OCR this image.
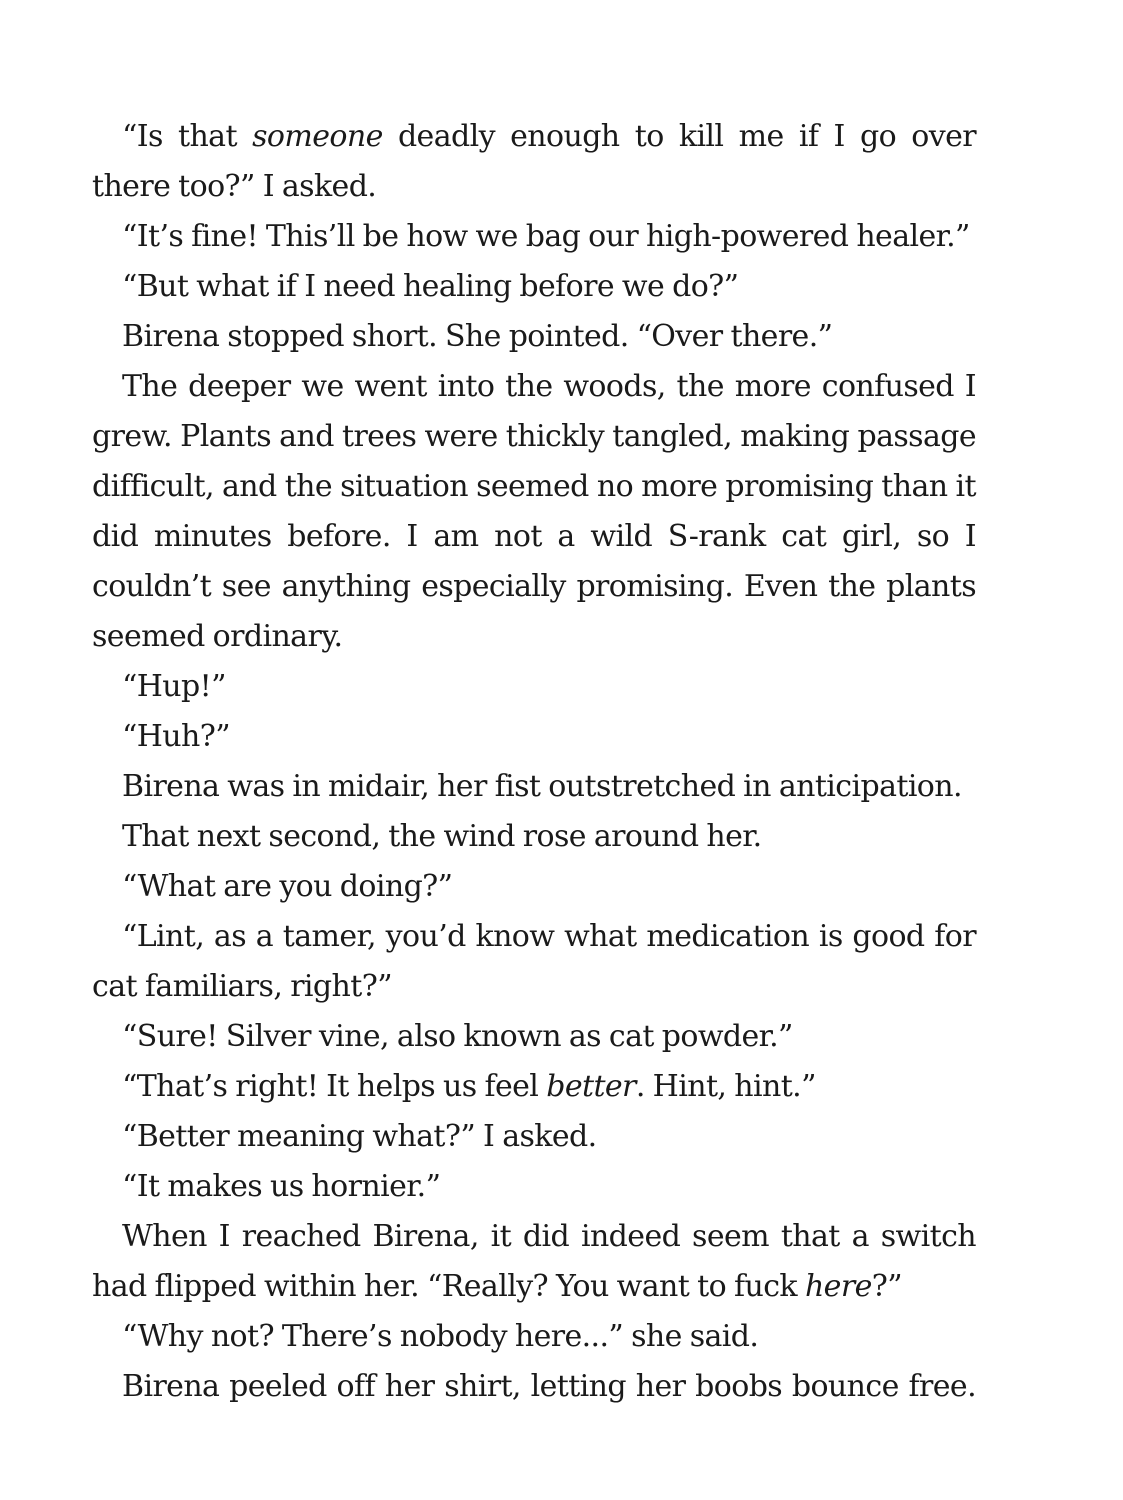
“Is that someone deadly enough to kill me if I go over there too?” I asked.

“It’s fine! This’ll be how we bag our high-powered healer.”

“But what if I need healing before we do?”

Birena stopped short. She pointed. “Over there.”

The deeper we went into the woods, the more confused I grew. Plants and trees were thickly tangled, making passage difficult, and the situation seemed no more promising than it did minutes before. I am not a wild S-rank cat girl, so I couldn’t see anything especially promising. Even the plants seemed ordinary.

“Hup!”

“Huh?”

Birena was in midair, her fist outstretched in anticipation.

That next second, the wind rose around her.

“What are you doing?”

“Lint, as a tamer, you’d know what medication is good for cat familiars, right?”

“Sure! Silver vine, also known as cat powder.”

“That’s right! It helps us feel better. Hint, hint.”

“Better meaning what?” I asked.

“It makes us hornier.”

When I reached Birena, it did indeed seem that a switch had flipped within her. “Really? You want to fuck here?”

“Why not? There’s nobody here...” she said.

Birena peeled off her shirt, letting her boobs bounce free.
